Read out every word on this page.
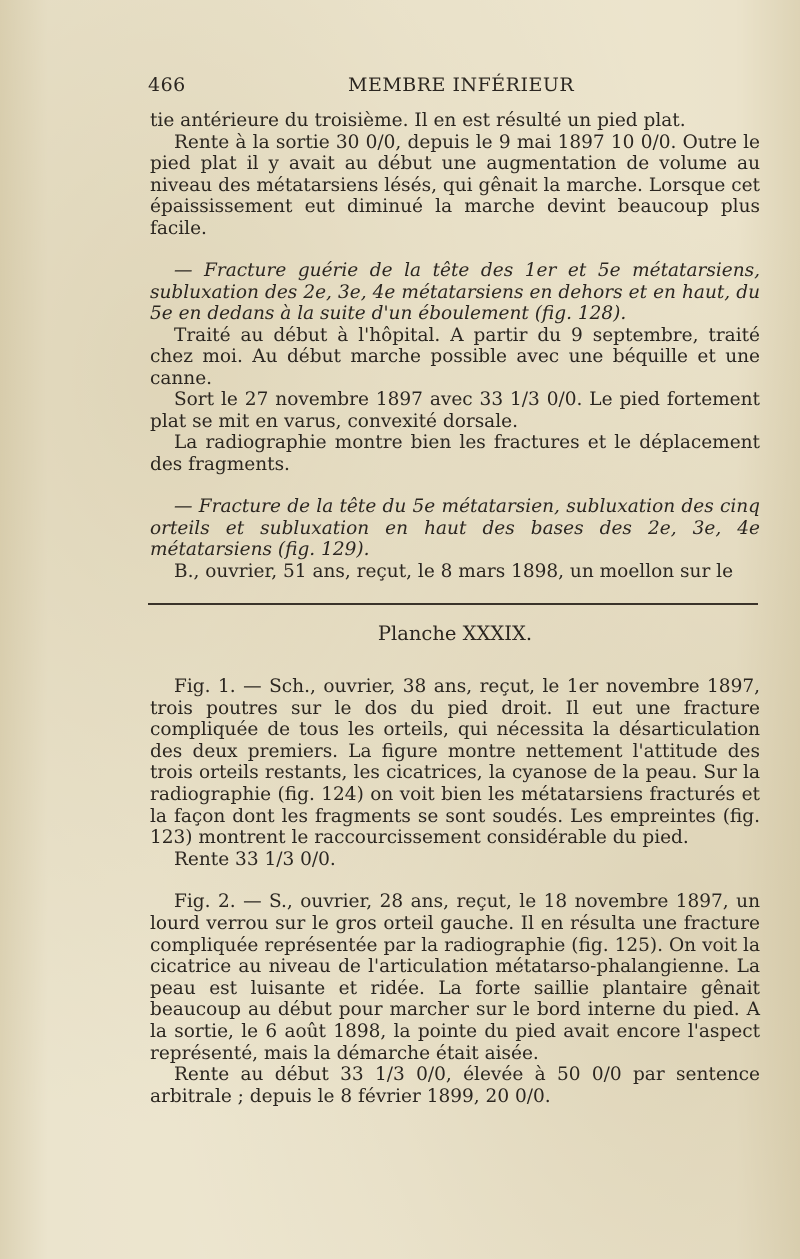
466	MEMBRE INFÉRIEUR

tie antérieure du troisième. Il en est résulté un pied plat.

Rente à la sortie 30 0/0, depuis le 9 mai 1897 10 0/0. Outre le pied plat il y avait au début une augmentation de volume au niveau des métatarsiens lésés, qui gênait la marche. Lorsque cet épaississement eut diminué la marche devint beaucoup plus facile.

— Fracture guérie de la tête des 1er et 5e métatarsiens, subluxation des 2e, 3e, 4e métatarsiens en dehors et en haut, du 5e en dedans à la suite d'un éboulement (fig. 128).

Traité au début à l'hôpital. A partir du 9 septembre, traité chez moi. Au début marche possible avec une béquille et une canne.

Sort le 27 novembre 1897 avec 33 1/3 0/0. Le pied fortement plat se mit en varus, convexité dorsale.

La radiographie montre bien les fractures et le déplacement des fragments.

— Fracture de la tête du 5e métatarsien, subluxation des cinq orteils et subluxation en haut des bases des 2e, 3e, 4e métatarsiens (fig. 129).

B., ouvrier, 51 ans, reçut, le 8 mars 1898, un moellon sur le

Planche XXXIX.

Fig. 1. — Sch., ouvrier, 38 ans, reçut, le 1er novembre 1897, trois poutres sur le dos du pied droit. Il eut une fracture compliquée de tous les orteils, qui nécessita la désarticulation des deux premiers. La figure montre nettement l'attitude des trois orteils restants, les cicatrices, la cyanose de la peau. Sur la radiographie (fig. 124) on voit bien les métatarsiens fracturés et la façon dont les fragments se sont soudés. Les empreintes (fig. 123) montrent le raccourcissement considérable du pied.

Rente 33 1/3 0/0.

Fig. 2. — S., ouvrier, 28 ans, reçut, le 18 novembre 1897, un lourd verrou sur le gros orteil gauche. Il en résulta une fracture compliquée représentée par la radiographie (fig. 125). On voit la cicatrice au niveau de l'articulation métatarso-phalangienne. La peau est luisante et ridée. La forte saillie plantaire gênait beaucoup au début pour marcher sur le bord interne du pied. A la sortie, le 6 août 1898, la pointe du pied avait encore l'aspect représenté, mais la démarche était aisée.

Rente au début 33 1/3 0/0, élevée à 50 0/0 par sentence arbitrale ; depuis le 8 février 1899, 20 0/0.
